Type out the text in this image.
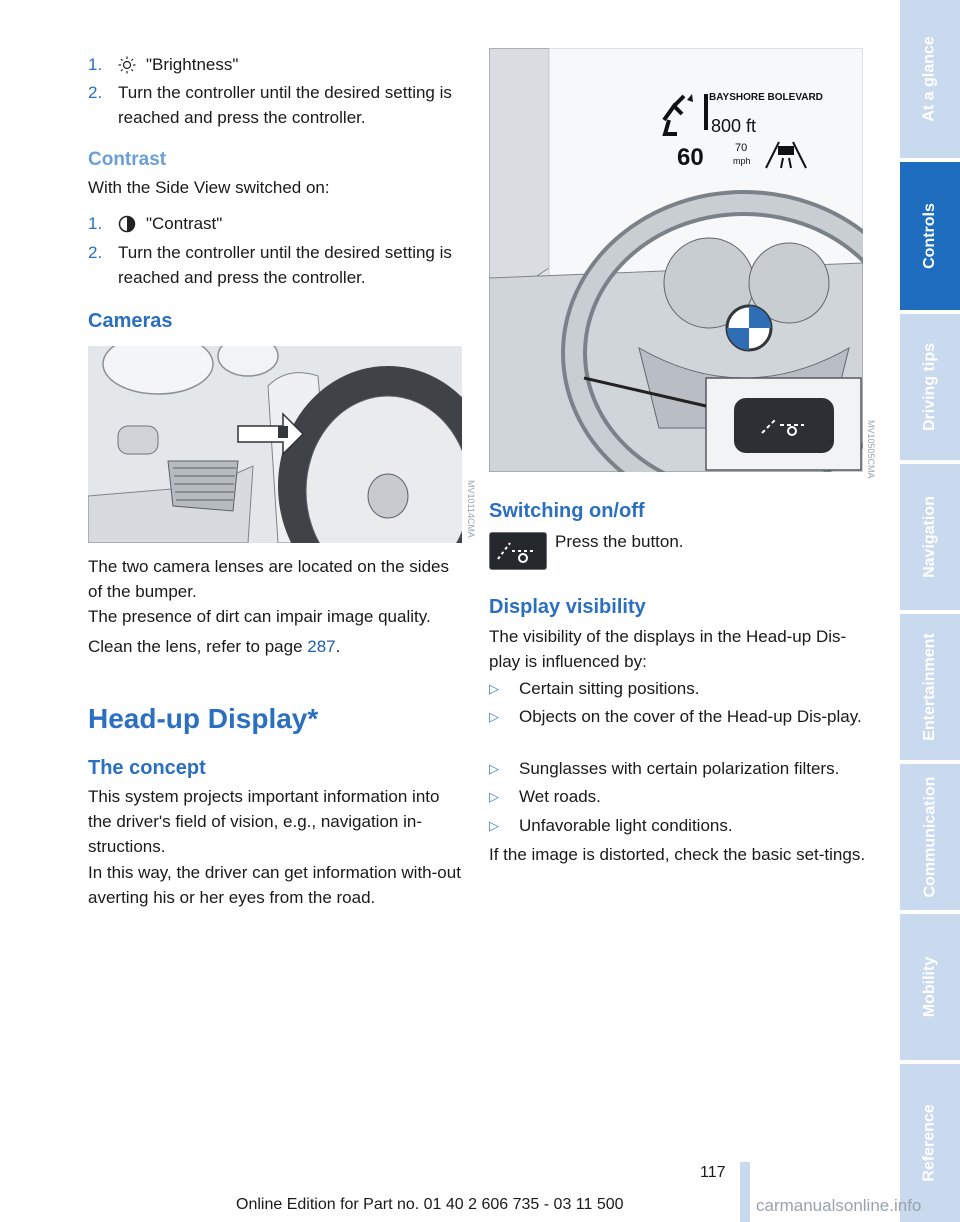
1.	"Brightness"
2. Turn the controller until the desired setting is reached and press the controller.
Contrast
With the Side View switched on:
1.	"Contrast"
2. Turn the controller until the desired setting is reached and press the controller.
Cameras
MV10114CMA
The two camera lenses are located on the sides of the bumper.
The presence of dirt can impair image quality.
Clean the lens, refer to page 287.
Head-up Display*
The concept
This system projects important information into the driver's field of vision, e.g., navigation in-structions.
In this way, the driver can get information with-out averting his or her eyes from the road.
BAYSHORE BOLEVARD
800 ft
60	70
mph
MV10505CMA
Switching on/off
Press the button.
Display visibility
The visibility of the displays in the Head-up Dis-play is influenced by:
▷ Certain sitting positions.
▷ Objects on the cover of the Head-up Dis-play.
▷ Sunglasses with certain polarization filters.
▷ Wet roads.
▷ Unfavorable light conditions.
If the image is distorted, check the basic set-tings.
At a glance
Controls
Driving tips
Navigation
Entertainment
Communication
Mobility
Reference
117
Online Edition for Part no. 01 40 2 606 735 - 03 11 500	carmanualsonline.info
